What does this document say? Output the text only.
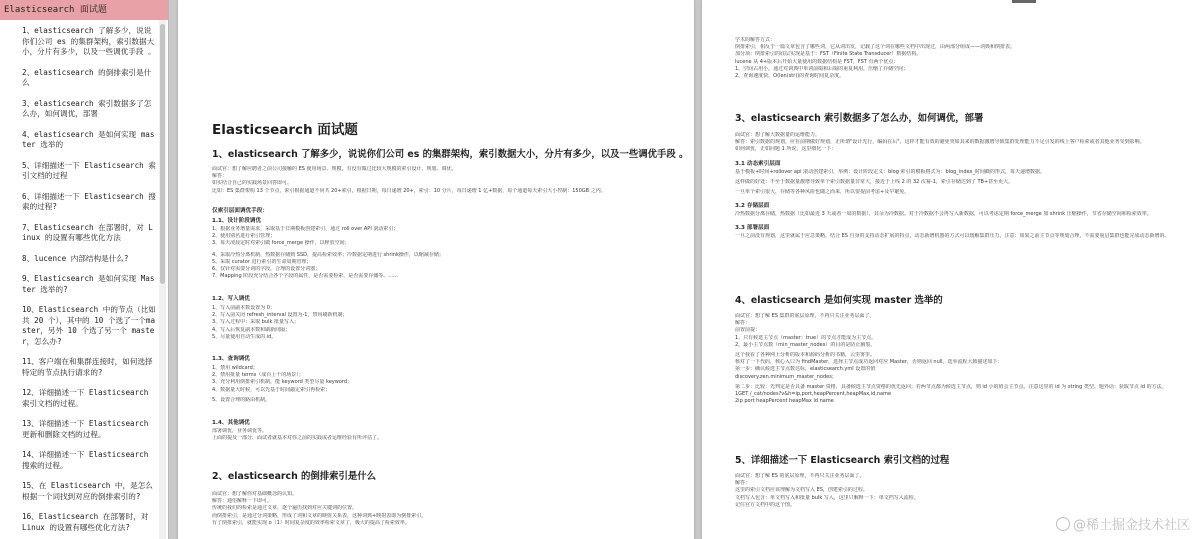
Elasticsearch 面试题
1、elasticsearch 了解多少，说说你们公司 es 的集群架构，索引数据大小，分片有多少，以及一些调优手段 。
2、elasticsearch 的倒排索引是什么
3、elasticsearch 索引数据多了怎么办，如何调优，部署
4、elasticsearch 是如何实现 master 选举的
5、详细描述一下 Elasticsearch 索引文档的过程
6、详细描述一下 Elasticsearch 搜索的过程?
7、Elasticsearch 在部署时，对 Linux 的设置有哪些优化方法
8、lucence 内部结构是什么?
9、Elasticsearch 是如何实现 Master 选举的?
10、Elasticsearch 中的节点（比如共 20 个），其中的 10 个选了一个master，另外 10 个选了另一个 master，怎么办?
11、客户端在和集群连接时，如何选择特定的节点执行请求的?
12、详细描述一下 Elasticsearch 索引文档的过程。
13、详细描述一下 Elasticsearch 更新和删除文档的过程。
14、详细描述一下 Elasticsearch 搜索的过程。
15、在 Elasticsearch 中，是怎么根据一个词找到对应的倒排索引的?
16、Elasticsearch 在部署时，对 Linux 的设置有哪些优化方法?
Elasticsearch 面试题
1、elasticsearch 了解多少，说说你们公司 es 的集群架构，索引数据大小，分片有多少，以及一些调优手段 。
面试官：想了解应聘者之前公司接触的 ES 使用场景、规模，有没有做过比较大规模的索引设计、规划、调优。
解答：
如实结合自己的实践场景回答即可。
比如：ES 集群架构 13 个节点，索引根据通道不同共 20+索引，根据日期，每日递增 20+，索引：10 分片，每日递增 1 亿+数据，每个通道每天索引大小控制：150GB 之内。
仅索引层面调优手段：
1.1、设计阶段调优
1、根据业务增量需求，采取基于日期模板创建索引，通过 roll over API 滚动索引；
2、使用别名进行索引管理；
3、每天凌晨定时对索引做 force_merge 操作，以释放空间；
4、采取冷热分离机制，热数据存储到 SSD，提高检索效率；冷数据定期进行 shrink操作，以缩减存储；
5、采取 curator 进行索引的生命周期管理；
6、仅针对需要分词的字段，合理的设置分词器；
7、Mapping 阶段充分结合各个字段的属性，是否需要检索、是否需要存储等。……
1.2、写入调优
1、写入前副本数设置为 0；
2、写入前关闭 refresh_interval 设置为-1，禁用刷新机制；
3、写入过程中：采取 bulk 批量写入；
4、写入后恢复副本数和刷新间隔；
5、尽量使用自动生成的 id。
1.3、查询调优
1、禁用 wildcard；
2、禁用批量 terms（成百上千的场景）；
3、充分利用倒排索引机制，能 keyword 类型尽量 keyword；
4、数据量大时候，可以先基于时间敲定索引再检索；
5、设置合理的路由机制。
1.4、其他调优
部署调优，业务调优等。
上面的提及一部分，面试者就基本对你之前的实践或者运维经验有所评估了。
2、elasticsearch 的倒排索引是什么
面试官：想了解你对基础概念的认知。
解答：通俗解释一下即可。
传统的我们的检索是通过文章，逐个遍历找到对应关键词的位置。
而倒排索引，是通过分词策略，形成了词和文章的映射关系表，这种词典+映射表即为倒排索引。
有了倒排索引，就能实现 o（1）时间复杂度的效率检索文章了，极大的提高了检索效率。
学术的解答方式：
倒排索引，相反于一篇文章包含了哪些词，它从词出发，记载了这个词在哪些文档中出现过，由两部分组成——词典和倒排表。
加分项：倒排索引的底层实现是基于：FST（Finite State Transducer）数据结构。
lucene 从 4+版本后开始大量使用的数据结构是 FST。FST 有两个优点：
1、空间占用小。通过对词典中单词前缀和后缀的重复利用，压缩了存储空间；
2、查询速度快。O(len(str))的查询时间复杂度。
3、elasticsearch 索引数据多了怎么办，如何调优，部署
面试官：想了解大数据量的运维能力。
解答：索引数据的规划，应在前期做好规划，正所谓"设计先行，编码在后"，这样才能有效的避免突如其来的数据激增导致集群处理能力不足引发的线上客户检索或者其他业务受到影响。
如何调优，正如问题 1 所说，这里细化一下：
3.1 动态索引层面
基于模板+时间+rollover api 滚动创建索引，举例：设计阶段定义：blog 索引的模板格式为：blog_index_时间戳的形式，每天递增数据。
这样做的好处：不至于数据量激增导致单个索引数据量非常大，接近于上线 2 的 32 次幂-1，索引存储达到了 TB+甚至更大。
一旦单个索引很大，存储等各种风险也随之而来，所以要提前考虑+及早避免。
3.2 存储层面
冷热数据分离存储，热数据（比如最近 3 天或者一周的数据），其余为冷数据。对于冷数据不会再写入新数据，可以考虑定期 force_merge 加 shrink 压缩操作，节省存储空间和检索效率。
3.3 部署层面
一旦之前没有规划，这里就属于应急策略。结合 ES 自身的支持动态扩展的特点，动态新增机器的方式可以缓解集群压力，注意：如果之前主节点等规划合理，不需要重启集群也能完成动态新增的。
4、elasticsearch 是如何实现 master 选举的
面试官：想了解 ES 集群的底层原理，不再只关注业务层面了。
解答：
前置前提：
1、只有候选主节点（master：true）的节点才能成为主节点。
2、最小主节点数（min_master_nodes）的目的是防止脑裂。
这个我看了各种网上分析的版本和源码分析的书籍，云里雾里。
核对了一下代码，核心入口为 findMaster，选择主节点成功返回对应 Master，否则返回 null。选举流程大致描述如下：
第一步：确认候选主节点数达标，elasticsearch.yml 设置的值
discovery.zen.minimum_master_nodes；
第二步：比较：先判定是否具备 master 资格，具备候选主节点资格的优先返回；若两节点都为候选主节点，则 id 小的值会主节点。注意这里的 id 为 string 类型。题外话：获取节点 id 的方法。
1GET /_cat/nodes?v&h=ip,port,heapPercent,heapMax,id,name
2ip port heapPercent heapMax id name
5、详细描述一下 Elasticsearch 索引文档的过程
面试官：想了解 ES 的底层原理，不再只关注业务层面了。
解答：
这里的索引文档应该理解为文档写入 ES，创建索引的过程。
文档写入包含：单文档写入和批量 bulk 写入，这里只解释一下：单文档写入流程。
记住官方文档中的这个图。
@稀土掘金技术社区
